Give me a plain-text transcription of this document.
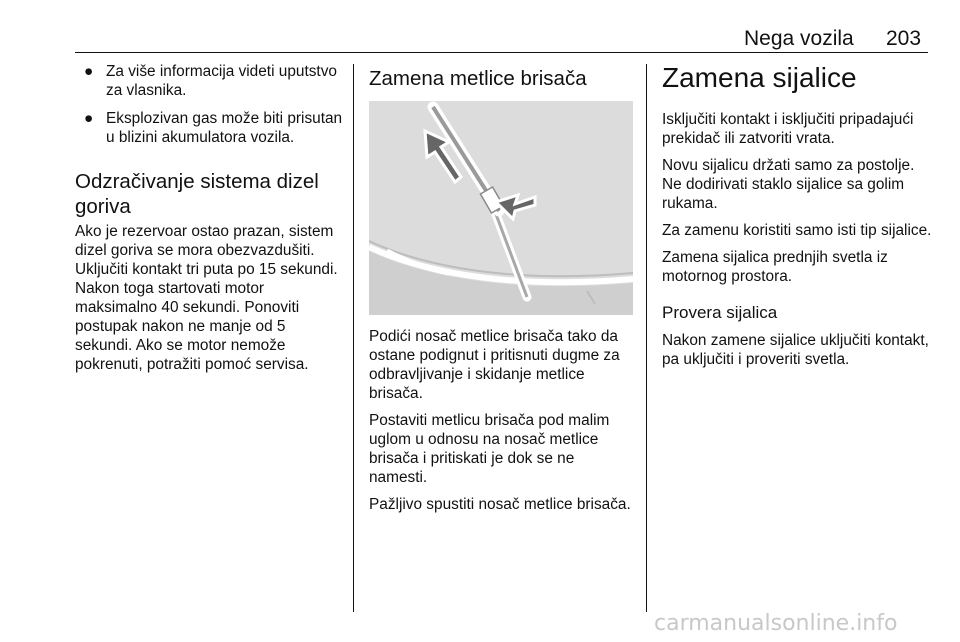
Nega vozila 203
● Za više informacija videti uputstvo za vlasnika.
● Eksplozivan gas može biti prisutan u blizini akumulatora vozila.
Odzračivanje sistema dizel goriva

Ako je rezervoar ostao prazan, sistem dizel goriva se mora obezvazdušiti. Uključiti kontakt tri puta po 15 sekundi. Nakon toga startovati motor maksimalno 40 sekundi. Ponoviti postupak nakon ne manje od 5 sekundi. Ako se motor nemože pokrenuti, potražiti pomoć servisa.

Zamena metlice brisača

Podići nosač metlice brisača tako da ostane podignut i pritisnuti dugme za odbravljivanje i skidanje metlice brisača.

Postaviti metlicu brisača pod malim uglom u odnosu na nosač metlice brisača i pritiskati je dok se ne namesti.

Pažljivo spustiti nosač metlice brisača.

Zamena sijalice

Isključiti kontakt i isključiti pripadajući prekidač ili zatvoriti vrata.

Novu sijalicu držati samo za postolje. Ne dodirivati staklo sijalice sa golim rukama.

Za zamenu koristiti samo isti tip sijalice.

Zamena sijalica prednjih svetla iz motornog prostora.

Provera sijalica

Nakon zamene sijalice uključiti kontakt, pa uključiti i proveriti svetla.

carmanualsonline.info
